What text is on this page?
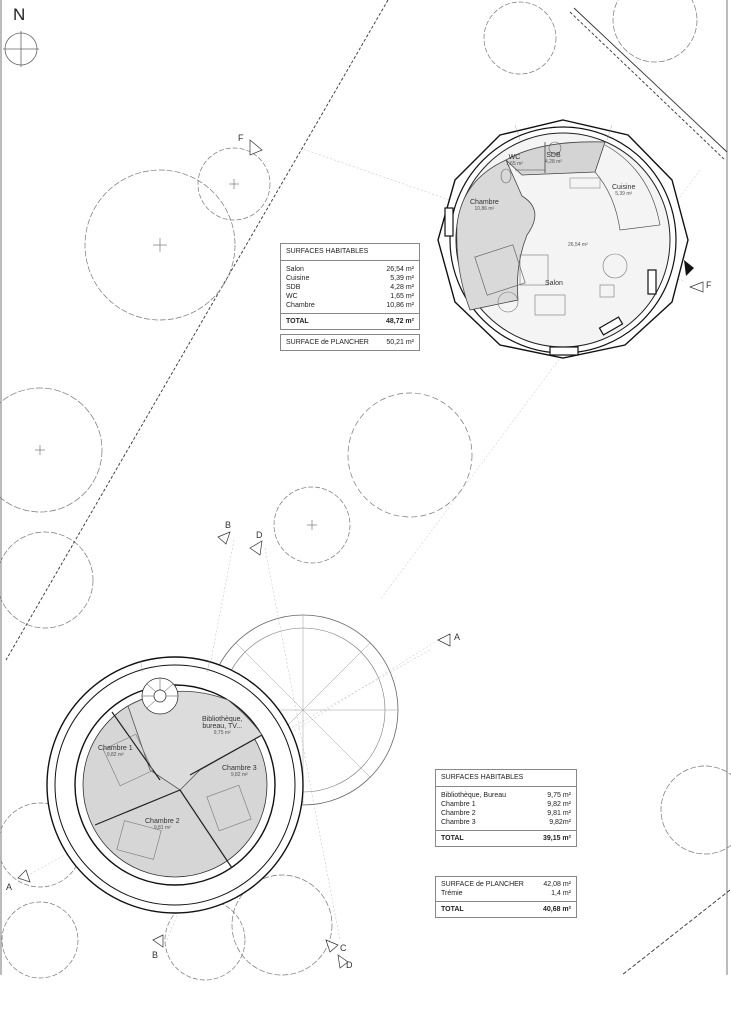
N
WC
1,65 m²
SDB
4,28 m²
Cuisine
5,39 m²
Chambre
10,86 m²
26,54 m²
Salon
Bibliothèque,
bureau, TV...
9,75 m²
Chambre 1
9,82 m²
Chambre 2
9,81 m²
Chambre 3
9,82 m²
F
F
B
D
A
A
B
C
D
SURFACES HABITABLES
Salon	26,54 m²
Cuisine	5,39 m²
SDB	4,28 m²
WC	1,65 m²
Chambre	10,86 m²
TOTAL	48,72 m²
SURFACE de PLANCHER	50,21 m²
SURFACES HABITABLES
Bibliothèque, Bureau	9,75 m²
Chambre 1	9,82 m²
Chambre 2	9,81 m²
Chambre 3	9,82m²
TOTAL	39,15 m²
SURFACE de PLANCHER	42,08 m²
Trémie	1,4 m²
TOTAL	40,68 m²
